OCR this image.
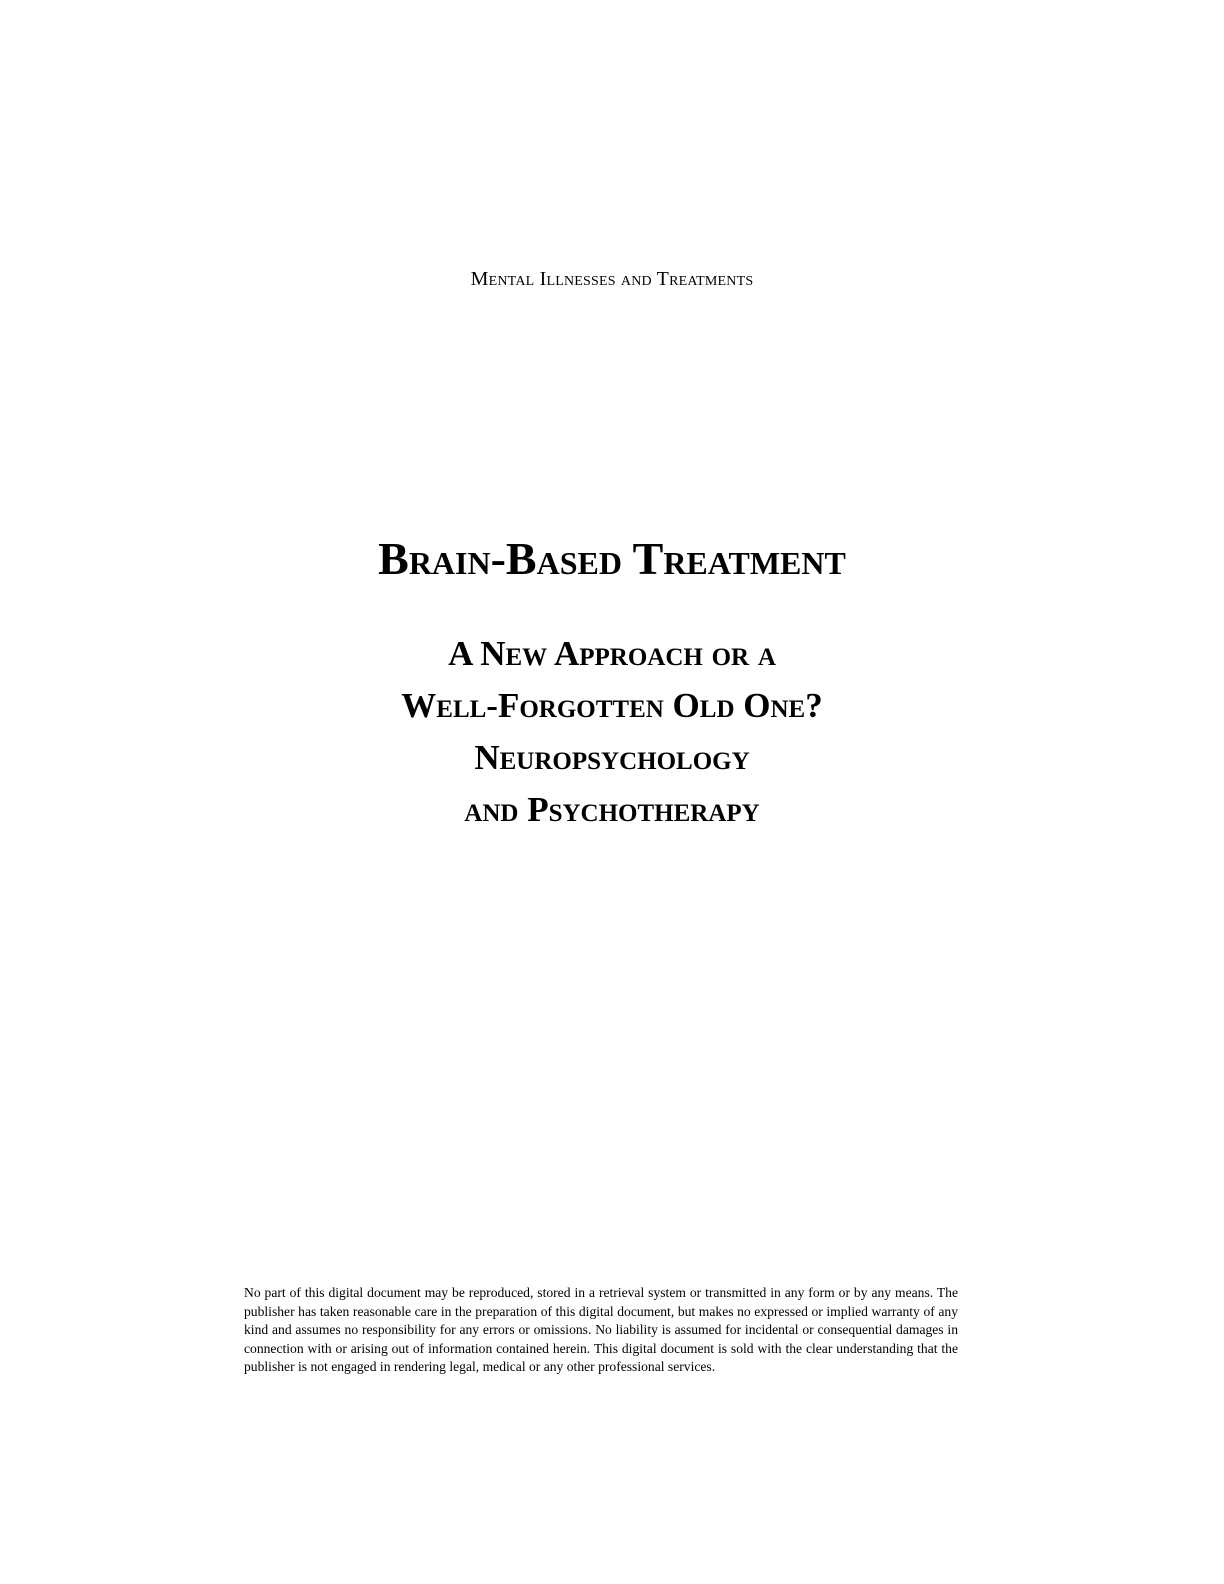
Mental Illnesses and Treatments
Brain-Based Treatment
A New Approach or a
Well-Forgotten Old One?
Neuropsychology
and Psychotherapy
No part of this digital document may be reproduced, stored in a retrieval system or transmitted in any form or by any means. The publisher has taken reasonable care in the preparation of this digital document, but makes no expressed or implied warranty of any kind and assumes no responsibility for any errors or omissions. No liability is assumed for incidental or consequential damages in connection with or arising out of information contained herein. This digital document is sold with the clear understanding that the publisher is not engaged in rendering legal, medical or any other professional services.
